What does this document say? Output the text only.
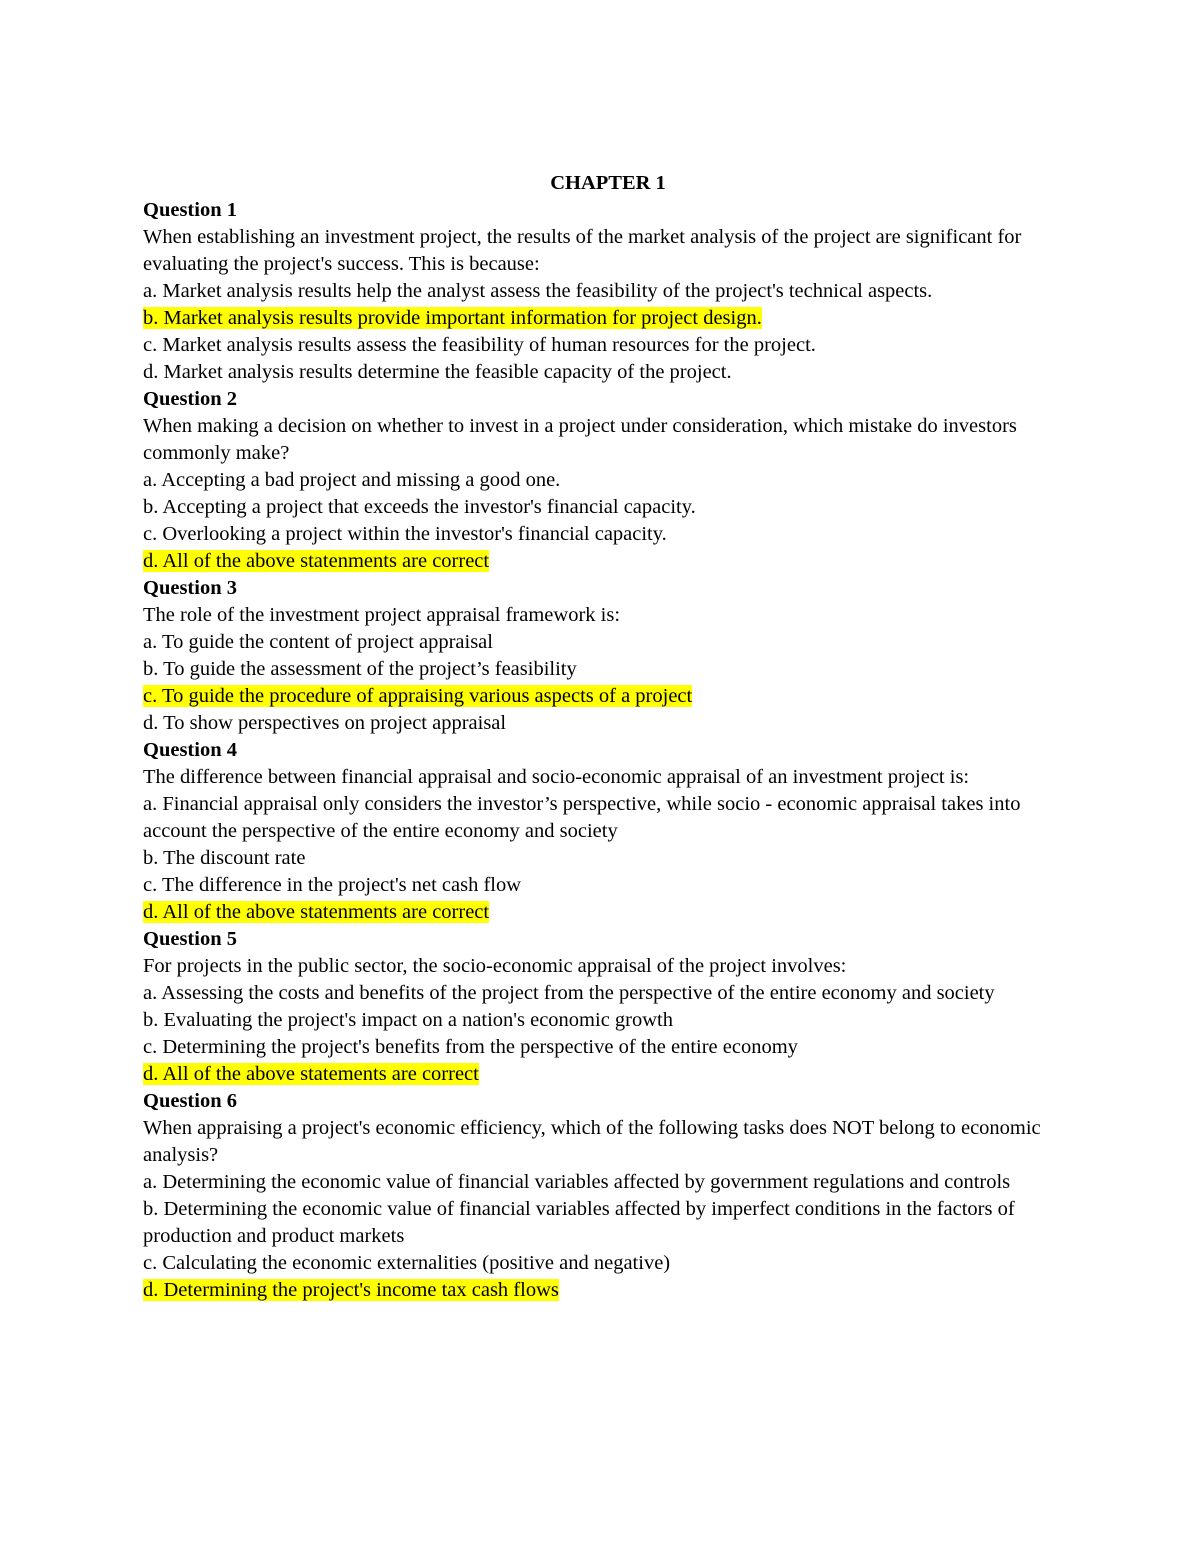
CHAPTER 1

Question 1

When establishing an investment project, the results of the market analysis of the project are significant for evaluating the project's success. This is because:

a. Market analysis results help the analyst assess the feasibility of the project's technical aspects.

b. Market analysis results provide important information for project design.

c. Market analysis results assess the feasibility of human resources for the project.

d. Market analysis results determine the feasible capacity of the project.

Question 2

When making a decision on whether to invest in a project under consideration, which mistake do investors commonly make?

a. Accepting a bad project and missing a good one.

b. Accepting a project that exceeds the investor's financial capacity.

c. Overlooking a project within the investor's financial capacity.

d. All of the above statenments are correct

Question 3

The role of the investment project appraisal framework is:

a. To guide the content of project appraisal

b. To guide the assessment of the project’s feasibility

c. To guide the procedure of appraising various aspects of a project

d. To show perspectives on project appraisal

Question 4

The difference between financial appraisal and socio-economic appraisal of an investment project is:

a. Financial appraisal only considers the investor’s perspective, while socio - economic appraisal takes into account the perspective of the entire economy and society

b. The discount rate

c. The difference in the project's net cash flow

d. All of the above statenments are correct

Question 5

For projects in the public sector, the socio-economic appraisal of the project involves:

a. Assessing the costs and benefits of the project from the perspective of the entire economy and society

b. Evaluating the project's impact on a nation's economic growth

c. Determining the project's benefits from the perspective of the entire economy

d. All of the above statements are correct

Question 6

When appraising a project's economic efficiency, which of the following tasks does NOT belong to economic analysis?

a. Determining the economic value of financial variables affected by government regulations and controls

b. Determining the economic value of financial variables affected by imperfect conditions in the factors of production and product markets

c. Calculating the economic externalities (positive and negative)

d. Determining the project's income tax cash flows
